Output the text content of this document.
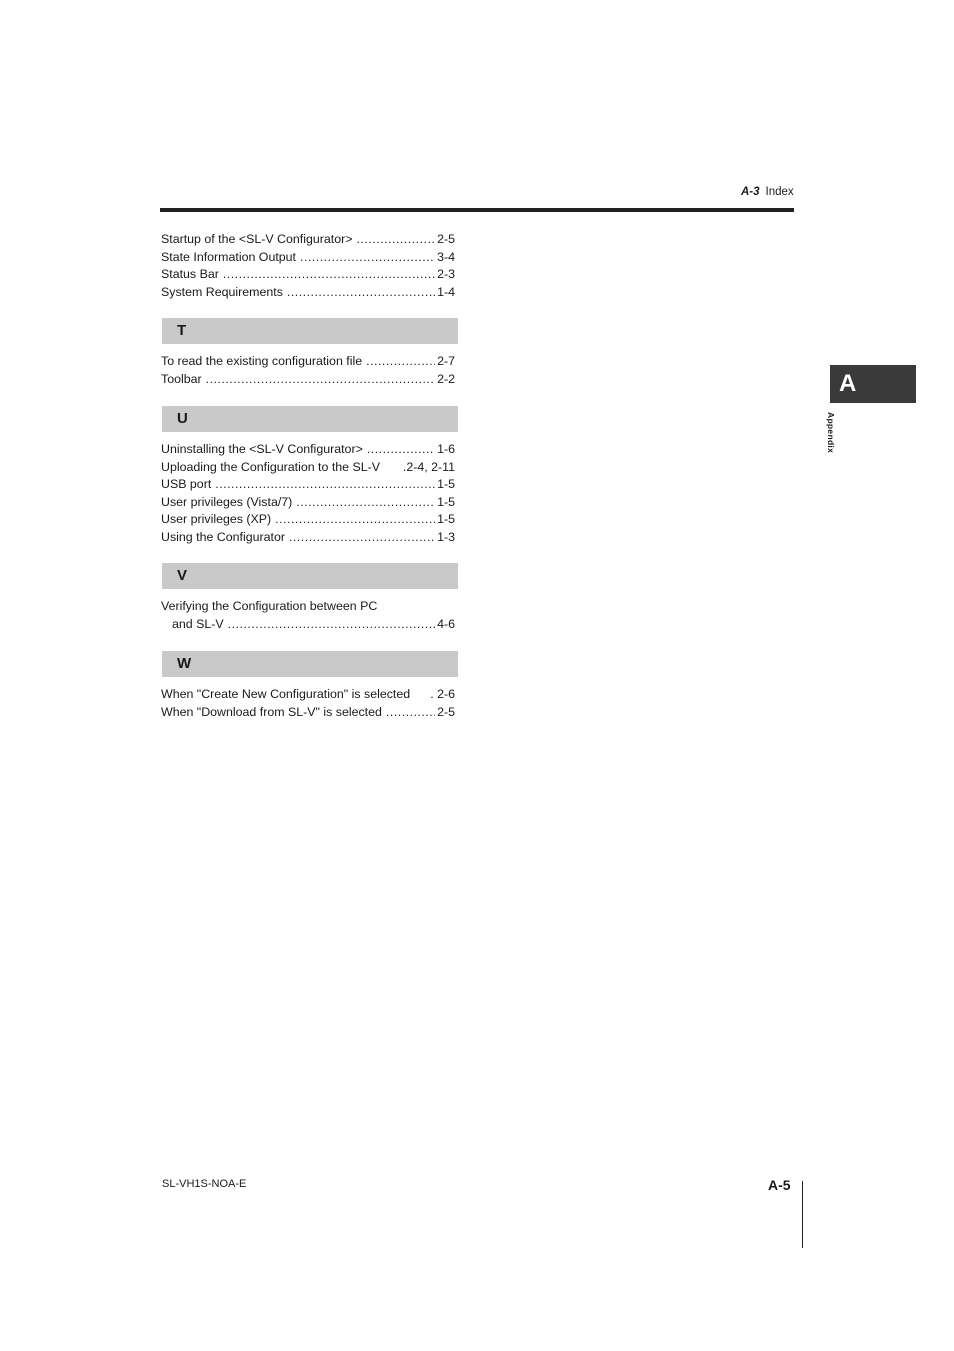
A-3 Index
Startup of the <SL-V Configurator> .....	2-5
State Information Output .....	3-4
Status Bar .....	2-3
System Requirements .....	1-4
T
To read the existing configuration file .....	2-7
Toolbar .....	2-2
U
Uninstalling the <SL-V Configurator> .....	1-6
Uploading the Configuration to the SL-V .2-4, 2-11
USB port .....	1-5
User privileges (Vista/7) .....	1-5
User privileges (XP) .....	1-5
Using the Configurator .....	1-3
V
Verifying the Configuration between PC
and SL-V .....	4-6
W
When "Create New Configuration" is selected . 2-6
When "Download from SL-V" is selected .....	2-5
A
Appendix
SL-VH1S-NOA-E	A-5
